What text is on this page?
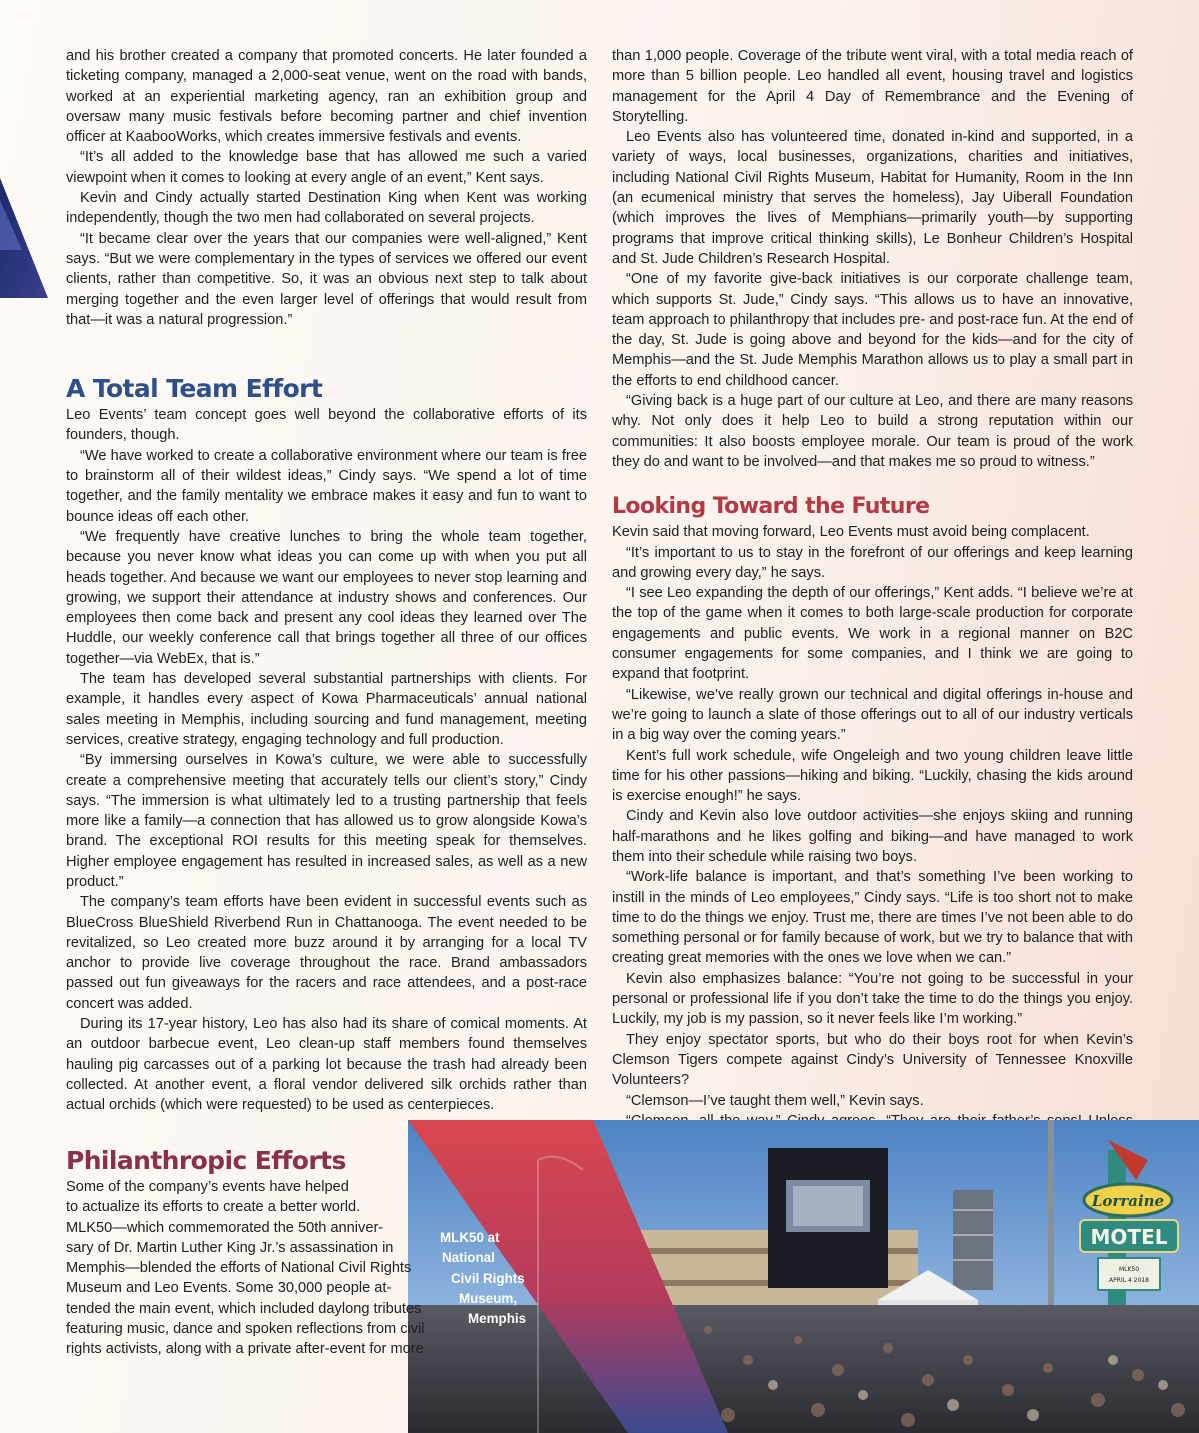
and his brother created a company that promoted concerts. He later founded a ticketing company, managed a 2,000-seat venue, went on the road with bands, worked at an experiential marketing agency, ran an exhibition group and oversaw many music festivals before becoming partner and chief invention officer at KaabooWorks, which creates immersive festivals and events.

“It’s all added to the knowledge base that has allowed me such a varied viewpoint when it comes to looking at every angle of an event,” Kent says.

Kevin and Cindy actually started Destination King when Kent was working independently, though the two men had collaborated on several projects.

“It became clear over the years that our companies were well-aligned,” Kent says. “But we were complementary in the types of services we offered our event clients, rather than competitive. So, it was an obvious next step to talk about merging together and the even larger level of offerings that would result from that—it was a natural progression.”

A Total Team Effort

Leo Events’ team concept goes well beyond the collaborative efforts of its founders, though.

“We have worked to create a collaborative environment where our team is free to brainstorm all of their wildest ideas,” Cindy says. “We spend a lot of time together, and the family mentality we embrace makes it easy and fun to want to bounce ideas off each other.

“We frequently have creative lunches to bring the whole team together, because you never know what ideas you can come up with when you put all heads together. And because we want our employees to never stop learning and growing, we support their attendance at industry shows and conferences. Our employees then come back and present any cool ideas they learned over The Huddle, our weekly conference call that brings together all three of our offices together—via WebEx, that is.”

The team has developed several substantial partnerships with clients. For example, it handles every aspect of Kowa Pharmaceuticals’ annual national sales meeting in Memphis, including sourcing and fund management, meeting services, creative strategy, engaging technology and full production.

“By immersing ourselves in Kowa’s culture, we were able to successfully create a comprehensive meeting that accurately tells our client’s story,” Cindy says. “The immersion is what ultimately led to a trusting partnership that feels more like a family—a connection that has allowed us to grow alongside Kowa’s brand. The exceptional ROI results for this meeting speak for themselves. Higher employee engagement has resulted in increased sales, as well as a new product.”

The company’s team efforts have been evident in successful events such as BlueCross BlueShield Riverbend Run in Chattanooga. The event needed to be revitalized, so Leo created more buzz around it by arranging for a local TV anchor to provide live coverage throughout the race. Brand ambassadors passed out fun giveaways for the racers and race attendees, and a post-race concert was added.

During its 17-year history, Leo has also had its share of comical moments. At an outdoor barbecue event, Leo clean-up staff members found themselves hauling pig carcasses out of a parking lot because the trash had already been collected. At another event, a floral vendor delivered silk orchids rather than actual orchids (which were requested) to be used as centerpieces.

than 1,000 people. Coverage of the tribute went viral, with a total media reach of more than 5 billion people. Leo handled all event, housing travel and logistics management for the April 4 Day of Remembrance and the Evening of Storytelling.

Leo Events also has volunteered time, donated in-kind and supported, in a variety of ways, local businesses, organizations, charities and initiatives, including National Civil Rights Museum, Habitat for Humanity, Room in the Inn (an ecumenical ministry that serves the homeless), Jay Uiberall Foundation (which improves the lives of Memphians—primarily youth—by supporting programs that improve critical thinking skills), Le Bonheur Children’s Hospital and St. Jude Children’s Research Hospital.

“One of my favorite give-back initiatives is our corporate challenge team, which supports St. Jude,” Cindy says. “This allows us to have an innovative, team approach to philanthropy that includes pre- and post-race fun. At the end of the day, St. Jude is going above and beyond for the kids—and for the city of Memphis—and the St. Jude Memphis Marathon allows us to play a small part in the efforts to end childhood cancer.

“Giving back is a huge part of our culture at Leo, and there are many reasons why. Not only does it help Leo to build a strong reputation within our communities: It also boosts employee morale. Our team is proud of the work they do and want to be involved—and that makes me so proud to witness.”

Looking Toward the Future

Kevin said that moving forward, Leo Events must avoid being complacent.

“It’s important to us to stay in the forefront of our offerings and keep learning and growing every day,” he says.

“I see Leo expanding the depth of our offerings,” Kent adds. “I believe we’re at the top of the game when it comes to both large-scale production for corporate engagements and public events. We work in a regional manner on B2C consumer engagements for some companies, and I think we are going to expand that footprint.

“Likewise, we’ve really grown our technical and digital offerings in-house and we’re going to launch a slate of those offerings out to all of our industry verticals in a big way over the coming years.”

Kent’s full work schedule, wife Ongeleigh and two young children leave little time for his other passions—hiking and biking. “Luckily, chasing the kids around is exercise enough!” he says.

Cindy and Kevin also love outdoor activities—she enjoys skiing and running half-marathons and he likes golfing and biking—and have managed to work them into their schedule while raising two boys.

“Work-life balance is important, and that’s something I’ve been working to instill in the minds of Leo employees,” Cindy says. “Life is too short not to make time to do the things we enjoy. Trust me, there are times I’ve not been able to do something personal or for family because of work, but we try to balance that with creating great memories with the ones we love when we can.”

Kevin also emphasizes balance: “You’re not going to be successful in your personal or professional life if you don’t take the time to do the things you enjoy. Luckily, my job is my passion, so it never feels like I’m working.”

They enjoy spectator sports, but who do their boys root for when Kevin’s Clemson Tigers compete against Cindy’s University of Tennessee Knoxville Volunteers?

“Clemson—I’ve taught them well,” Kevin says.

Lorraine
MOTEL
MLK50
APRIL 4 2018
MLK50 at
National
Civil Rights
Museum,
Memphis
Philanthropic Efforts
Some of the company’s events have helped
to actualize its efforts to create a better world.
MLK50—which commemorated the 50th anniver-
sary of Dr. Martin Luther King Jr.’s assassination in
Memphis—blended the efforts of National Civil Rights
Museum and Leo Events. Some 30,000 people at-
tended the main event, which included daylong tributes
featuring music, dance and spoken reflections from civil
rights activists, along with a private after-event for more
